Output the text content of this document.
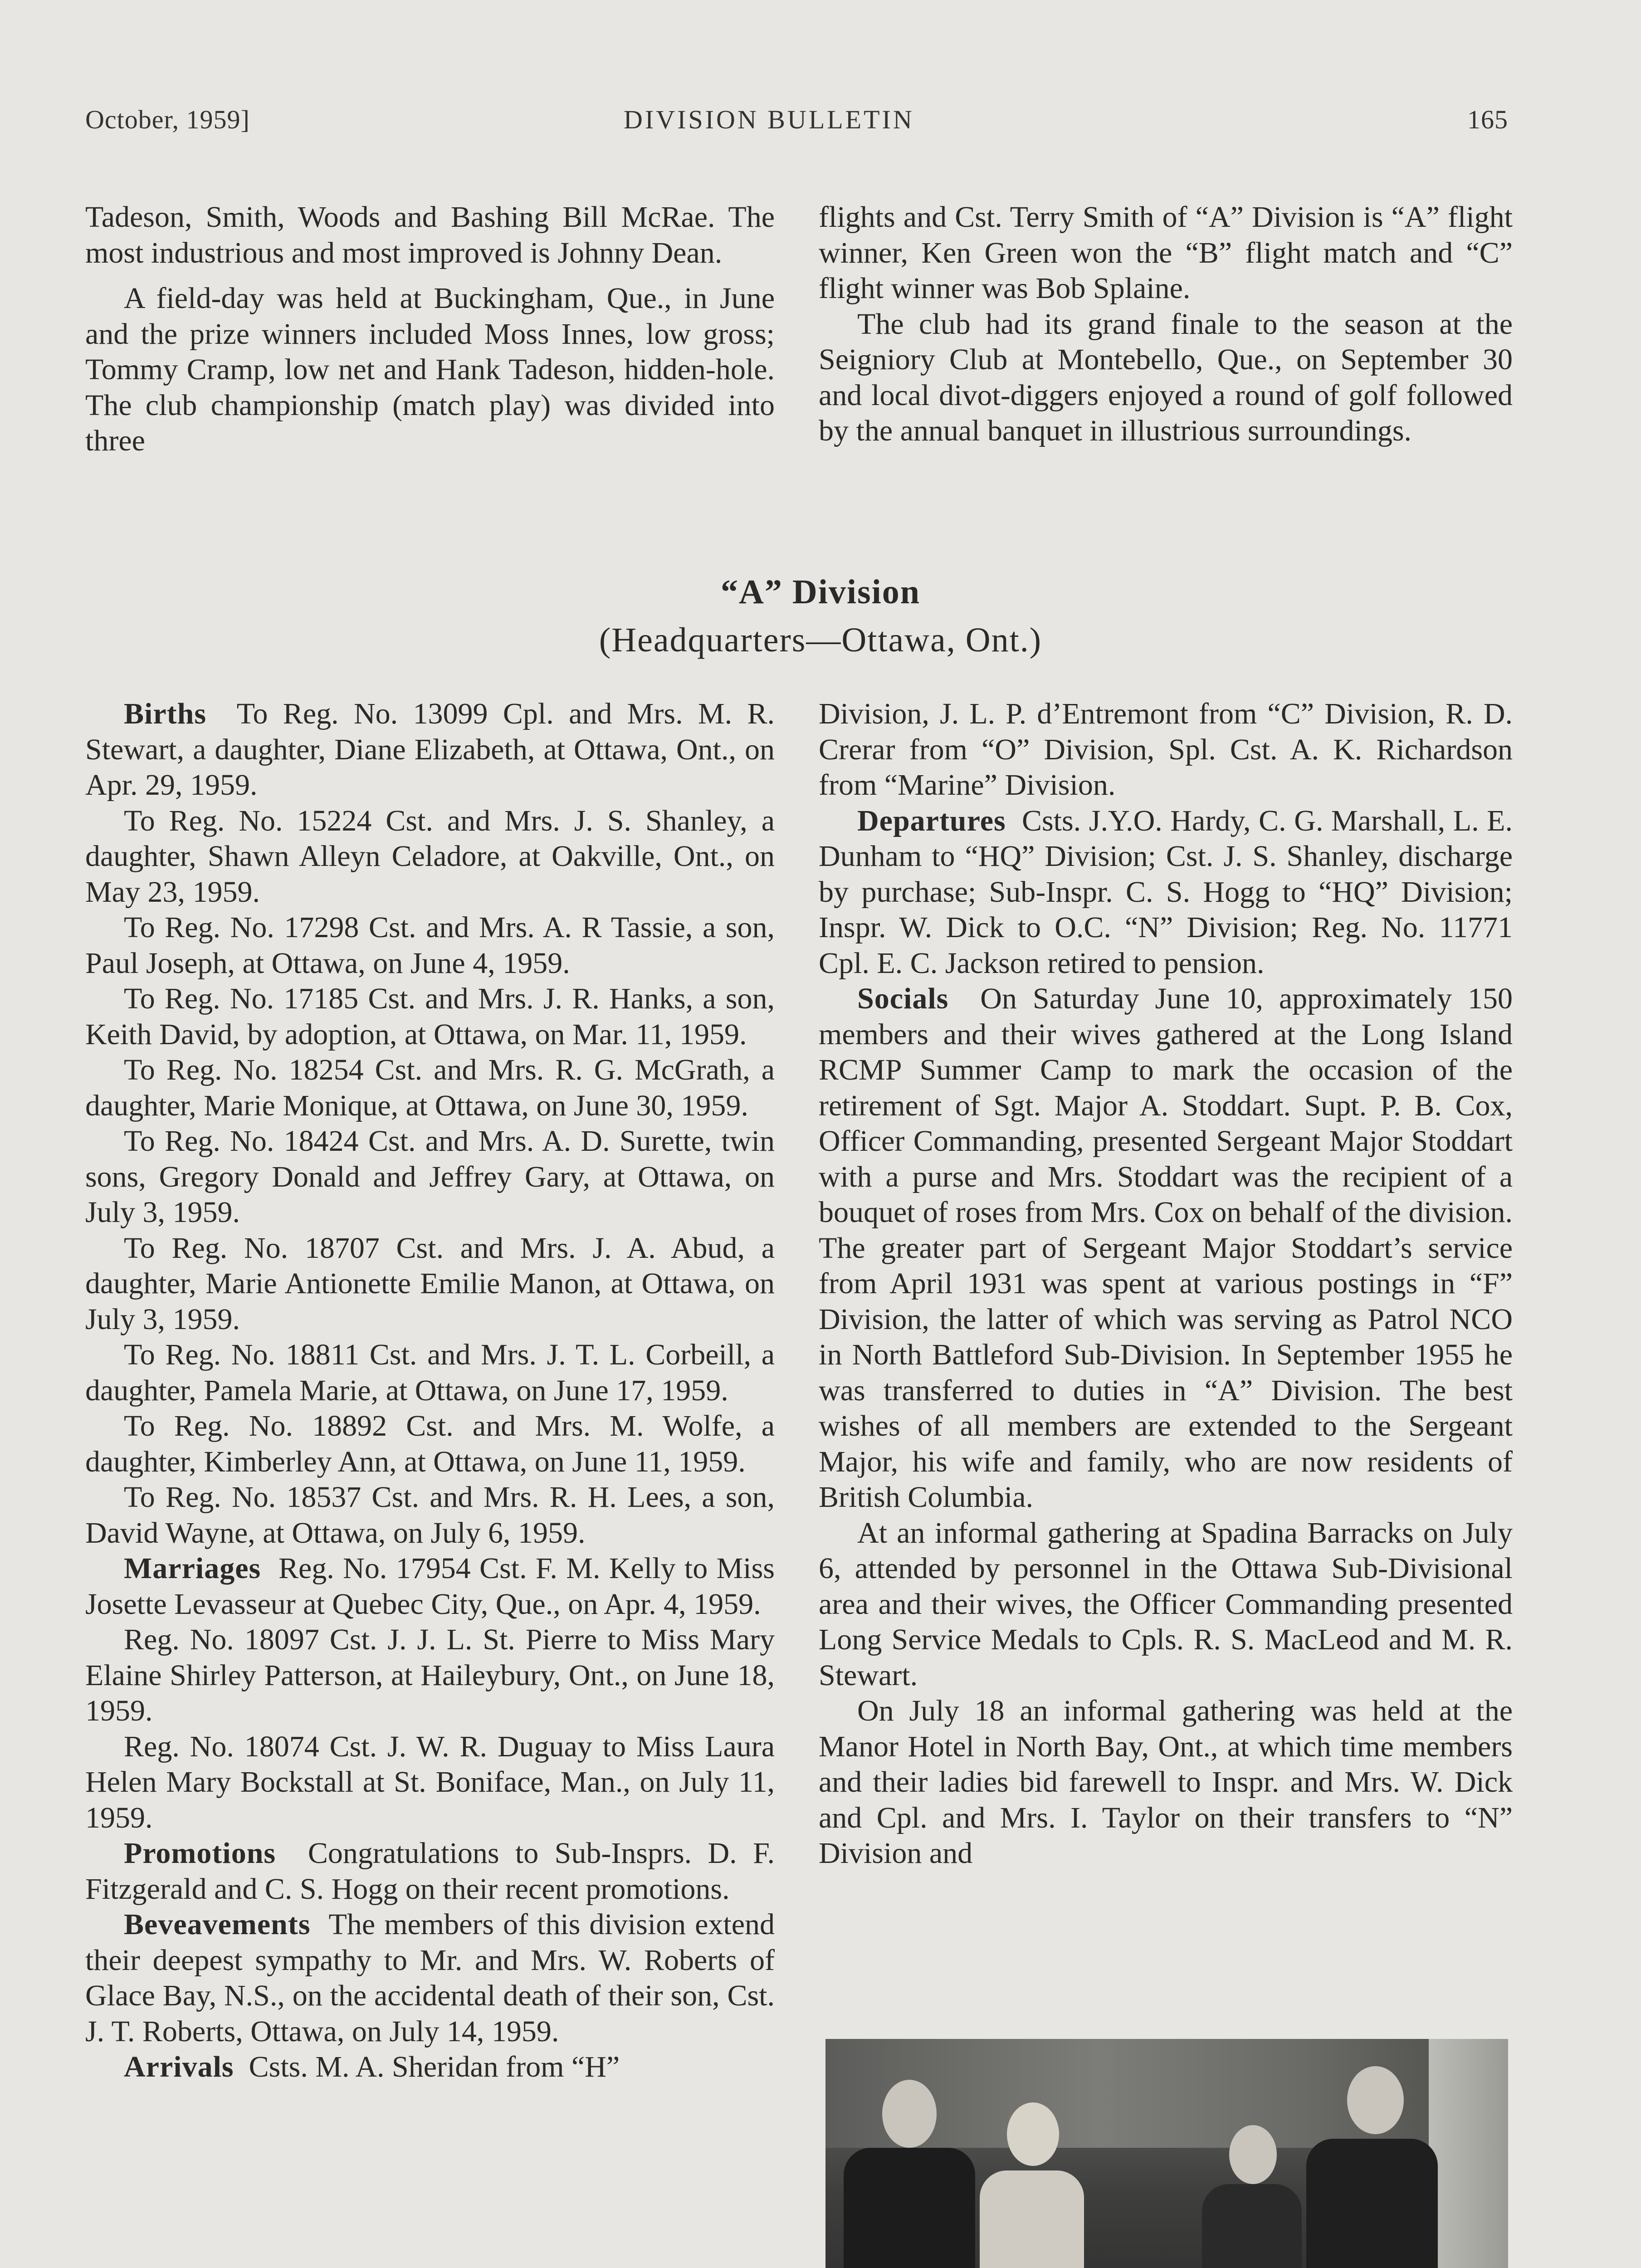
October, 1959]	DIVISION BULLETIN	165

Tadeson, Smith, Woods and Bashing Bill McRae. The most industrious and most improved is Johnny Dean.

A field-day was held at Buckingham, Que., in June and the prize winners included Moss Innes, low gross; Tommy Cramp, low net and Hank Tadeson, hidden-hole. The club championship (match play) was divided into three

flights and Cst. Terry Smith of “A” Division is “A” flight winner, Ken Green won the “B” flight match and “C” flight winner was Bob Splaine.

The club had its grand finale to the season at the Seigniory Club at Montebello, Que., on September 30 and local divot-diggers enjoyed a round of golf followed by the annual banquet in illustrious surroundings.

“A” Division
(Headquarters—Ottawa, Ont.)

Births To Reg. No. 13099 Cpl. and Mrs. M. R. Stewart, a daughter, Diane Elizabeth, at Ottawa, Ont., on Apr. 29, 1959.

To Reg. No. 15224 Cst. and Mrs. J. S. Shanley, a daughter, Shawn Alleyn Celadore, at Oakville, Ont., on May 23, 1959.

To Reg. No. 17298 Cst. and Mrs. A. R Tassie, a son, Paul Joseph, at Ottawa, on June 4, 1959.

To Reg. No. 17185 Cst. and Mrs. J. R. Hanks, a son, Keith David, by adoption, at Ottawa, on Mar. 11, 1959.

To Reg. No. 18254 Cst. and Mrs. R. G. McGrath, a daughter, Marie Monique, at Ottawa, on June 30, 1959.

To Reg. No. 18424 Cst. and Mrs. A. D. Surette, twin sons, Gregory Donald and Jeffrey Gary, at Ottawa, on July 3, 1959.

To Reg. No. 18707 Cst. and Mrs. J. A. Abud, a daughter, Marie Antionette Emilie Manon, at Ottawa, on July 3, 1959.

To Reg. No. 18811 Cst. and Mrs. J. T. L. Corbeill, a daughter, Pamela Marie, at Ottawa, on June 17, 1959.

To Reg. No. 18892 Cst. and Mrs. M. Wolfe, a daughter, Kimberley Ann, at Ottawa, on June 11, 1959.

To Reg. No. 18537 Cst. and Mrs. R. H. Lees, a son, David Wayne, at Ottawa, on July 6, 1959.

Marriages Reg. No. 17954 Cst. F. M. Kelly to Miss Josette Levasseur at Quebec City, Que., on Apr. 4, 1959.

Reg. No. 18097 Cst. J. J. L. St. Pierre to Miss Mary Elaine Shirley Patterson, at Haileybury, Ont., on June 18, 1959.

Reg. No. 18074 Cst. J. W. R. Duguay to Miss Laura Helen Mary Bockstall at St. Boniface, Man., on July 11, 1959.

Promotions Congratulations to Sub-Insprs. D. F. Fitzgerald and C. S. Hogg on their recent promotions.

Beveavements The members of this division extend their deepest sympathy to Mr. and Mrs. W. Roberts of Glace Bay, N.S., on the accidental death of their son, Cst. J. T. Roberts, Ottawa, on July 14, 1959.

Arrivals Csts. M. A. Sheridan from “H”

Division, J. L. P. d’Entremont from “C” Division, R. D. Crerar from “O” Division, Spl. Cst. A. K. Richardson from “Marine” Division.

Departures Csts. J.Y.O. Hardy, C. G. Marshall, L. E. Dunham to “HQ” Division; Cst. J. S. Shanley, discharge by purchase; Sub-Inspr. C. S. Hogg to “HQ” Division; Inspr. W. Dick to O.C. “N” Division; Reg. No. 11771 Cpl. E. C. Jackson retired to pension.

Socials On Saturday June 10, approximately 150 members and their wives gathered at the Long Island RCMP Summer Camp to mark the occasion of the retirement of Sgt. Major A. Stoddart. Supt. P. B. Cox, Officer Commanding, presented Sergeant Major Stoddart with a purse and Mrs. Stoddart was the recipient of a bouquet of roses from Mrs. Cox on behalf of the division. The greater part of Sergeant Major Stoddart’s service from April 1931 was spent at various postings in “F” Division, the latter of which was serving as Patrol NCO in North Battleford Sub-Division. In September 1955 he was transferred to duties in “A” Division. The best wishes of all members are extended to the Sergeant Major, his wife and family, who are now residents of British Columbia.

At an informal gathering at Spadina Barracks on July 6, attended by personnel in the Ottawa Sub-Divisional area and their wives, the Officer Commanding presented Long Service Medals to Cpls. R. S. MacLeod and M. R. Stewart.

On July 18 an informal gathering was held at the Manor Hotel in North Bay, Ont., at which time members and their ladies bid farewell to Inspr. and Mrs. W. Dick and Cpl. and Mrs. I. Taylor on their transfers to “N” Division and
